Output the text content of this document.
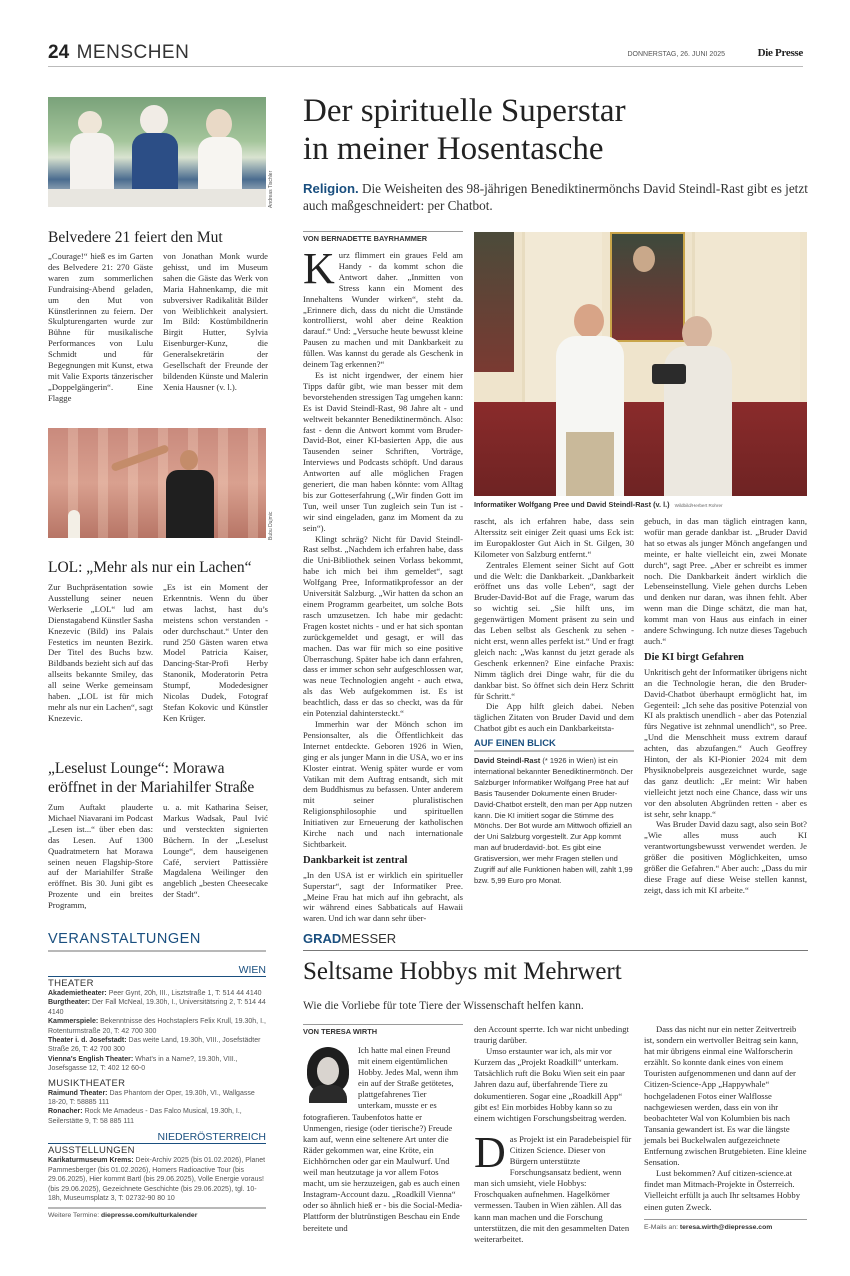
24 MENSCHEN	DONNERSTAG, 26. JUNI 2025	Die Presse
Andreas Tischler
Belvedere 21 feiert den Mut

„Courage!“ hieß es im Garten des Belvedere 21: 270 Gäste waren zum sommerlichen Fundraising-Abend geladen, um den Mut von Künstlerinnen zu feiern. Der Skulpturengarten wurde zur Bühne für musikalische Performances von Lulu Schmidt und für Begegnungen mit Kunst, etwa mit Valie Exports tänzerischer „Doppelgängerin“. Eine Flagge

von Jonathan Monk wurde gehisst, und im Museum sahen die Gäste das Werk von Maria Hahnenkamp, die mit subversiver Radikalität Bilder von Weiblichkeit analysiert. Im Bild: Kostümbildnerin Birgit Hutter, Sylvia Eisenburger-Kunz, die Generalsekretärin der Gesellschaft der Freunde der bildenden Künste und Malerin Xenia Hausner (v. l.).

Bubu Dujmic
LOL: „Mehr als nur ein Lachen“

Zur Buchpräsentation sowie Ausstellung seiner neuen Werkserie „LOL“ lud am Dienstagabend Künstler Sasha Knezevic (Bild) ins Palais Festetics im neunten Bezirk. Der Titel des Buchs bzw. Bildbands bezieht sich auf das allseits bekannte Smiley, das all seine Werke gemeinsam haben. „LOL ist für mich mehr als nur ein Lachen“, sagt Knezevic.

„Es ist ein Moment der Erkenntnis. Wenn du über etwas lachst, hast du’s meistens schon verstanden - oder durchschaut.“ Unter den rund 250 Gästen waren etwa Model Patricia Kaiser, Dancing-Star-Profi Herby Stanonik, Moderatorin Petra Stumpf, Modedesigner Nicolas Dudek, Fotograf Stefan Kokovic und Künstler Ken Krüger.

„Leselust Lounge“: Morawa
eröffnet in der Mariahilfer Straße

Zum Auftakt plauderte Michael Niavarani im Podcast „Lesen ist...“ über eben das: das Lesen. Auf 1300 Quadratmetern hat Morawa seinen neuen Flagship-Store auf der Mariahilfer Straße eröffnet. Bis 30. Juni gibt es Prozente und ein breites Programm,

u. a. mit Katharina Seiser, Markus Wadsak, Paul Ivić und versteckten signierten Büchern. In der „Leselust Lounge“, dem hauseigenen Café, serviert Pattissière Magdalena Weilinger den angeblich „besten Cheesecake der Stadt“.

Der spirituelle Superstar
in meiner Hosentasche
Religion. Die Weisheiten des 98-jährigen Benediktinermönchs David Steindl-Rast gibt es jetzt auch maßgeschneidert: per Chatbot.
VON BERNADETTE BAYRHAMMER
K urz flimmert ein graues Feld am Handy - da kommt schon die Antwort daher. „Inmitten von Stress kann ein Moment des Innehaltens Wunder wirken“, steht da. „Erinnere dich, dass du nicht die Umstände kontrollierst, wohl aber deine Reaktion darauf.“ Und: „Versuche heute bewusst kleine Pausen zu machen und mit Dankbarkeit zu füllen. Was kannst du gerade als Geschenk in deinem Tag erkennen?“

Es ist nicht irgendwer, der einem hier Tipps dafür gibt, wie man besser mit dem bevorstehenden stressigen Tag umgehen kann: Es ist David Steindl-Rast, 98 Jahre alt - und weltweit bekannter Benediktinermönch. Also: fast - denn die Antwort kommt vom Bruder-David-Bot, einer KI-basierten App, die aus Tausenden seiner Schriften, Vorträge, Interviews und Podcasts schöpft. Und daraus Antworten auf alle möglichen Fragen generiert, die man haben könnte: vom Alltag bis zur Gotteserfahrung („Wir finden Gott im Tun, weil unser Tun zugleich sein Tun ist - wir sind eingeladen, ganz im Moment da zu sein“).

Klingt schräg? Nicht für David Steindl-Rast selbst. „Nachdem ich erfahren habe, dass die Uni-Bibliothek seinen Vorlass bekommt, habe ich mich bei ihm gemeldet“, sagt Wolfgang Pree, Informatikprofessor an der Universität Salzburg. „Wir hatten da schon an einem Programm gearbeitet, um solche Bots rasch umzusetzen. Ich habe mir gedacht: Fragen kostet nichts - und er hat sich spontan zurückgemeldet und gesagt, er will das machen. Das war für mich so eine positive Überraschung. Später habe ich dann erfahren, dass er immer schon sehr aufgeschlossen war, was neue Technologien angeht - auch etwa, als das Web aufgekommen ist. Es ist beachtlich, dass er das so checkt, was da für ein Potenzial dahintersteckt.“

Immerhin war der Mönch schon im Pensionsalter, als die Öffentlichkeit das Internet entdeckte. Geboren 1926 in Wien, ging er als junger Mann in die USA, wo er ins Kloster eintrat. Wenig später wurde er vom Vatikan mit dem Auftrag entsandt, sich mit dem Buddhismus zu befassen. Unter anderem mit seiner pluralistischen Religionsphilosophie und spirituellen Initiativen zur Erneuerung der katholischen Kirche nach und nach internationale Sichtbarkeit.

Dankbarkeit ist zentral

„In den USA ist er wirklich ein spiritueller Superstar“, sagt der Informatiker Pree. „Meine Frau hat mich auf ihn gebracht, als wir während eines Sabbaticals auf Hawaii waren. Und ich war dann sehr über-

Informatiker Wolfgang Pree und David Steindl-Rast (v. l.) Wildbild/Herbert Rohrer

rascht, als ich erfahren habe, dass sein Alterssitz seit einiger Zeit quasi ums Eck ist: im Europakloster Gut Aich in St. Gilgen, 30 Kilometer von Salzburg entfernt.“

Zentrales Element seiner Sicht auf Gott und die Welt: die Dankbarkeit. „Dankbarkeit eröffnet uns das volle Leben“, sagt der Bruder-David-Bot auf die Frage, warum das so wichtig sei. „Sie hilft uns, im gegenwärtigen Moment präsent zu sein und das Leben selbst als Geschenk zu sehen - nicht erst, wenn alles perfekt ist.“ Und er fragt gleich nach: „Was kannst du jetzt gerade als Geschenk erkennen? Eine einfache Praxis: Nimm täglich drei Dinge wahr, für die du dankbar bist. So öffnet sich dein Herz Schritt für Schritt.“

Die App hilft gleich dabei. Neben täglichen Zitaten von Bruder David und dem Chatbot gibt es auch ein Dankbarkeitsta-

AUF EINEN BLICK
David Steindl-Rast (* 1926 in Wien) ist ein international bekannter Benediktinermönch. Der Salzburger Informatiker Wolfgang Pree hat auf Basis Tausender Dokumente einen Bruder-David-Chatbot erstellt, den man per App nutzen kann. Die KI imitiert sogar die Stimme des Mönchs. Der Bot wurde am Mittwoch offiziell an der Uni Salzburg vorgestellt. Zur App kommt man auf bruderdavid-.bot. Es gibt eine Gratisversion, wer mehr Fragen stellen und Zugriff auf alle Funktionen haben will, zahlt 1,99 bzw. 5,99 Euro pro Monat.

gebuch, in das man täglich eintragen kann, wofür man gerade dankbar ist. „Bruder David hat so etwas als junger Mönch angefangen und meinte, er halte vielleicht ein, zwei Monate durch“, sagt Pree. „Aber er schreibt es immer noch. Die Dankbarkeit ändert wirklich die Lebenseinstellung. Viele gehen durchs Leben und denken nur daran, was ihnen fehlt. Aber wenn man die Dinge schätzt, die man hat, kommt man von Haus aus einfach in einer andere Schwingung. Ich nutze dieses Tagebuch auch.“

Die KI birgt Gefahren

Unkritisch geht der Informatiker übrigens nicht an die Technologie heran, die den Bruder-David-Chatbot überhaupt ermöglicht hat, im Gegenteil: „Ich sehe das positive Potenzial von KI als praktisch unendlich - aber das Potenzial fürs Negative ist zehnmal unendlich“, so Pree. „Und die Menschheit muss extrem darauf achten, das abzufangen.“ Auch Geoffrey Hinton, der als KI-Pionier 2024 mit dem Physiknobelpreis ausgezeichnet wurde, sage das ganz deutlich: „Er meint: Wir haben vielleicht jetzt noch eine Chance, dass wir uns vor den absoluten Abgründen retten - aber es ist sehr, sehr knapp.“

Was Bruder David dazu sagt, also sein Bot? „Wie alles muss auch KI verantwortungsbewusst verwendet werden. Je größer die positiven Möglichkeiten, umso größer die Gefahren.“ Aber auch: „Dass du mir diese Frage auf diese Weise stellen kannst, zeigt, dass ich mit KI arbeite.“

VERANSTALTUNGEN
WIEN
THEATER
Akademietheater: Peer Gynt, 20h, III., Lisztstraße 1, T: 514 44 4140
Burgtheater: Der Fall McNeal, 19.30h, I., Universitätsring 2, T: 514 44 4140
Kammerspiele: Bekenntnisse des Hochstaplers Felix Krull, 19.30h, I., Rotenturmstraße 20, T: 42 700 300
Theater i. d. Josefstadt: Das weite Land, 19.30h, VIII., Josefstädter Straße 26, T: 42 700 300
Vienna's English Theater: What's in a Name?, 19.30h, VIII., Josefsgasse 12, T: 402 12 60-0
MUSIKTHEATER
Raimund Theater: Das Phantom der Oper, 19.30h, VI., Wallgasse 18-20, T: 58885 111
Ronacher: Rock Me Amadeus - Das Falco Musical, 19.30h, I., Seilerstätte 9, T: 58 885 111
NIEDERÖSTERREICH
AUSSTELLUNGEN
Karikaturmuseum Krems: Deix-Archiv 2025 (bis 01.02.2026), Planet Pammesberger (bis 01.02.2026), Homers Radioactive Tour (bis 29.06.2025), Hier kommt Bartl (bis 29.06.2025), Volle Energie voraus! (bis 29.06.2025), Gezeichnete Geschichte (bis 29.06.2025), tgl. 10-18h, Museumsplatz 3, T: 02732-90 80 10
Weitere Termine: diepresse.com/kulturkalender
GRADMESSER
Seltsame Hobbys mit Mehrwert
Wie die Vorliebe für tote Tiere der Wissenschaft helfen kann.
VON TERESA WIRTH

Ich hatte mal einen Freund mit einem eigentümlichen Hobby. Jedes Mal, wenn ihm ein auf der Straße getötetes, plattgefahrenes Tier unterkam, musste er es fotografieren. Taubenfotos hatte er Unmengen, riesige (oder tierische?) Freude kam auf, wenn eine seltenere Art unter die Räder gekommen war, eine Kröte, ein Eichhörnchen oder gar ein Maulwurf. Und weil man heutzutage ja vor allem Fotos macht, um sie herzuzeigen, gab es auch einen Instagram-Account dazu. „Roadkill Vienna“ oder so ähnlich hieß er - bis die Social-Media-Plattform der blutrünstigen Beschau ein Ende bereitete und

den Account sperrte. Ich war nicht unbedingt traurig darüber.

Umso erstaunter war ich, als mir vor Kurzem das „Projekt Roadkill“ unterkam. Tatsächlich ruft die Boku Wien seit ein paar Jahren dazu auf, überfahrende Tiere zu dokumentieren. Sogar eine „Roadkill App“ gibt es! Ein morbides Hobby kann so zu einem wichtigen Forschungsbeitrag werden.

D as Projekt ist ein Paradebeispiel für Citizen Science. Dieser von Bürgern unterstützte Forschungsansatz bedient, wenn man sich umsieht, viele Hobbys: Froschquaken aufnehmen. Hagelkörner vermessen. Tauben in Wien zählen. All das kann man machen und die Forschung unterstützen, die mit den gesammelten Daten weiterarbeitet.

Dass das nicht nur ein netter Zeitvertreib ist, sondern ein wertvoller Beitrag sein kann, hat mir übrigens einmal eine Walforscherin erzählt. So konnte dank eines von einem Touristen aufgenommenen und dann auf der Citizen-Science-App „Happywhale“ hochgeladenen Fotos einer Walflosse nachgewiesen werden, dass ein von ihr beobachteter Wal von Kolumbien bis nach Tansania gewandert ist. Es war die längste jemals bei Buckelwalen aufgezeichnete Entfernung zwischen Brutgebieten. Eine kleine Sensation.

Lust bekommen? Auf citizen-science.at findet man Mitmach-Projekte in Österreich. Vielleicht erfüllt ja auch Ihr seltsames Hobby einen guten Zweck.

E-Mails an: teresa.wirth@diepresse.com
